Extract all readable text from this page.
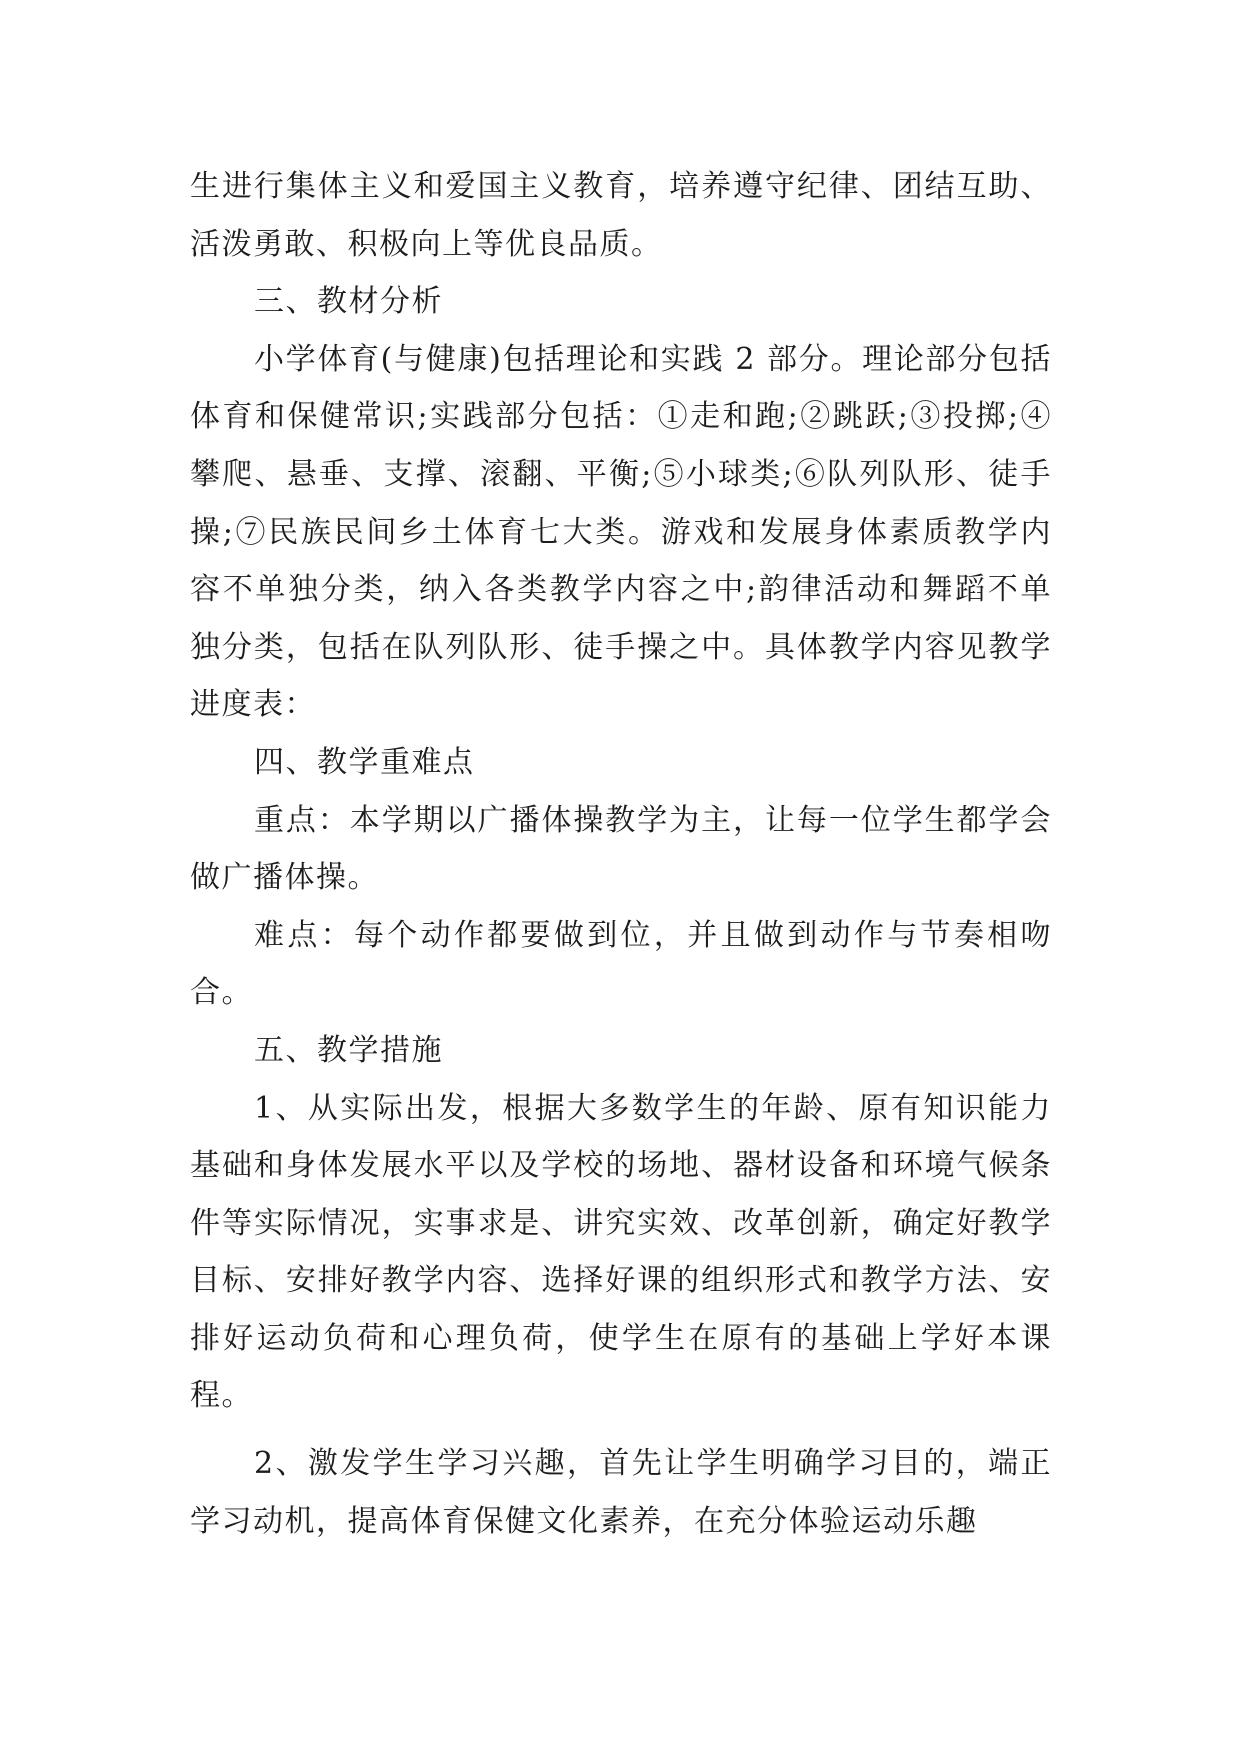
生进行集体主义和爱国主义教育，培养遵守纪律、团结互助、活泼勇敢、积极向上等优良品质。

三、教材分析

小学体育(与健康)包括理论和实践 2 部分。理论部分包括体育和保健常识;实践部分包括：①走和跑;②跳跃;③投掷;④攀爬、悬垂、支撑、滚翻、平衡;⑤小球类;⑥队列队形、徒手操;⑦民族民间乡土体育七大类。游戏和发展身体素质教学内容不单独分类，纳入各类教学内容之中;韵律活动和舞蹈不单独分类，包括在队列队形、徒手操之中。具体教学内容见教学进度表：

四、教学重难点

重点：本学期以广播体操教学为主，让每一位学生都学会做广播体操。

难点：每个动作都要做到位，并且做到动作与节奏相吻合。

五、教学措施

1、从实际出发，根据大多数学生的年龄、原有知识能力基础和身体发展水平以及学校的场地、器材设备和环境气候条件等实际情况，实事求是、讲究实效、改革创新，确定好教学目标、安排好教学内容、选择好课的组织形式和教学方法、安排好运动负荷和心理负荷，使学生在原有的基础上学好本课程。

2、激发学生学习兴趣，首先让学生明确学习目的，端正学习动机，提高体育保健文化素养，在充分体验运动乐趣
